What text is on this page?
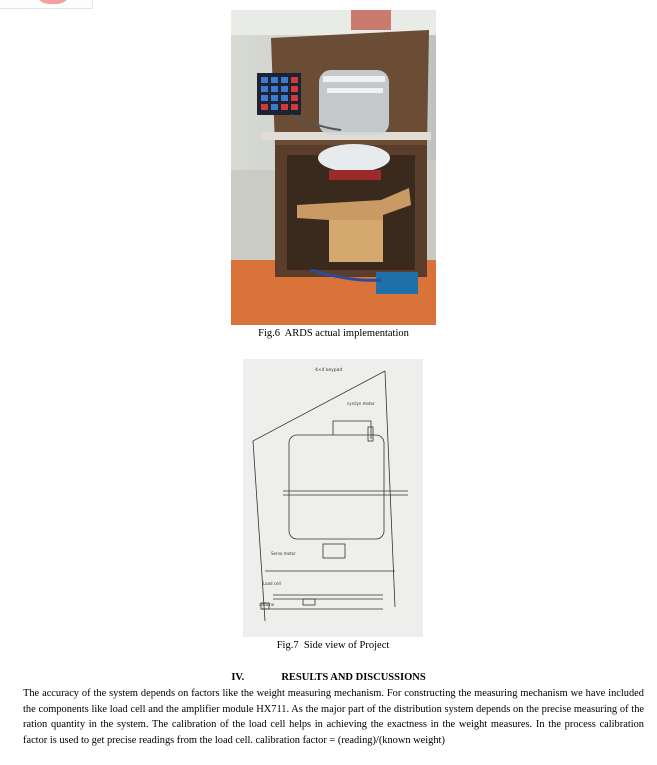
Fig.6  ARDS actual implementation
4×4 keypad
cyrclyn motor
Servo motor
Load cell
arduino
Fig.7  Side view of Project
IV.	RESULTS AND DISCUSSIONS

The accuracy of the system depends on factors like the weight measuring mechanism. For constructing the measuring mechanism we have included the components like load cell and the amplifier module HX711. As the major part of the distribution system depends on the precise measuring of the ration quantity in the system. The calibration of the load cell helps in achieving the exactness in the weight measures. In the process calibration factor is used to get precise readings from the load cell. calibration factor = (reading)/(known weight)
